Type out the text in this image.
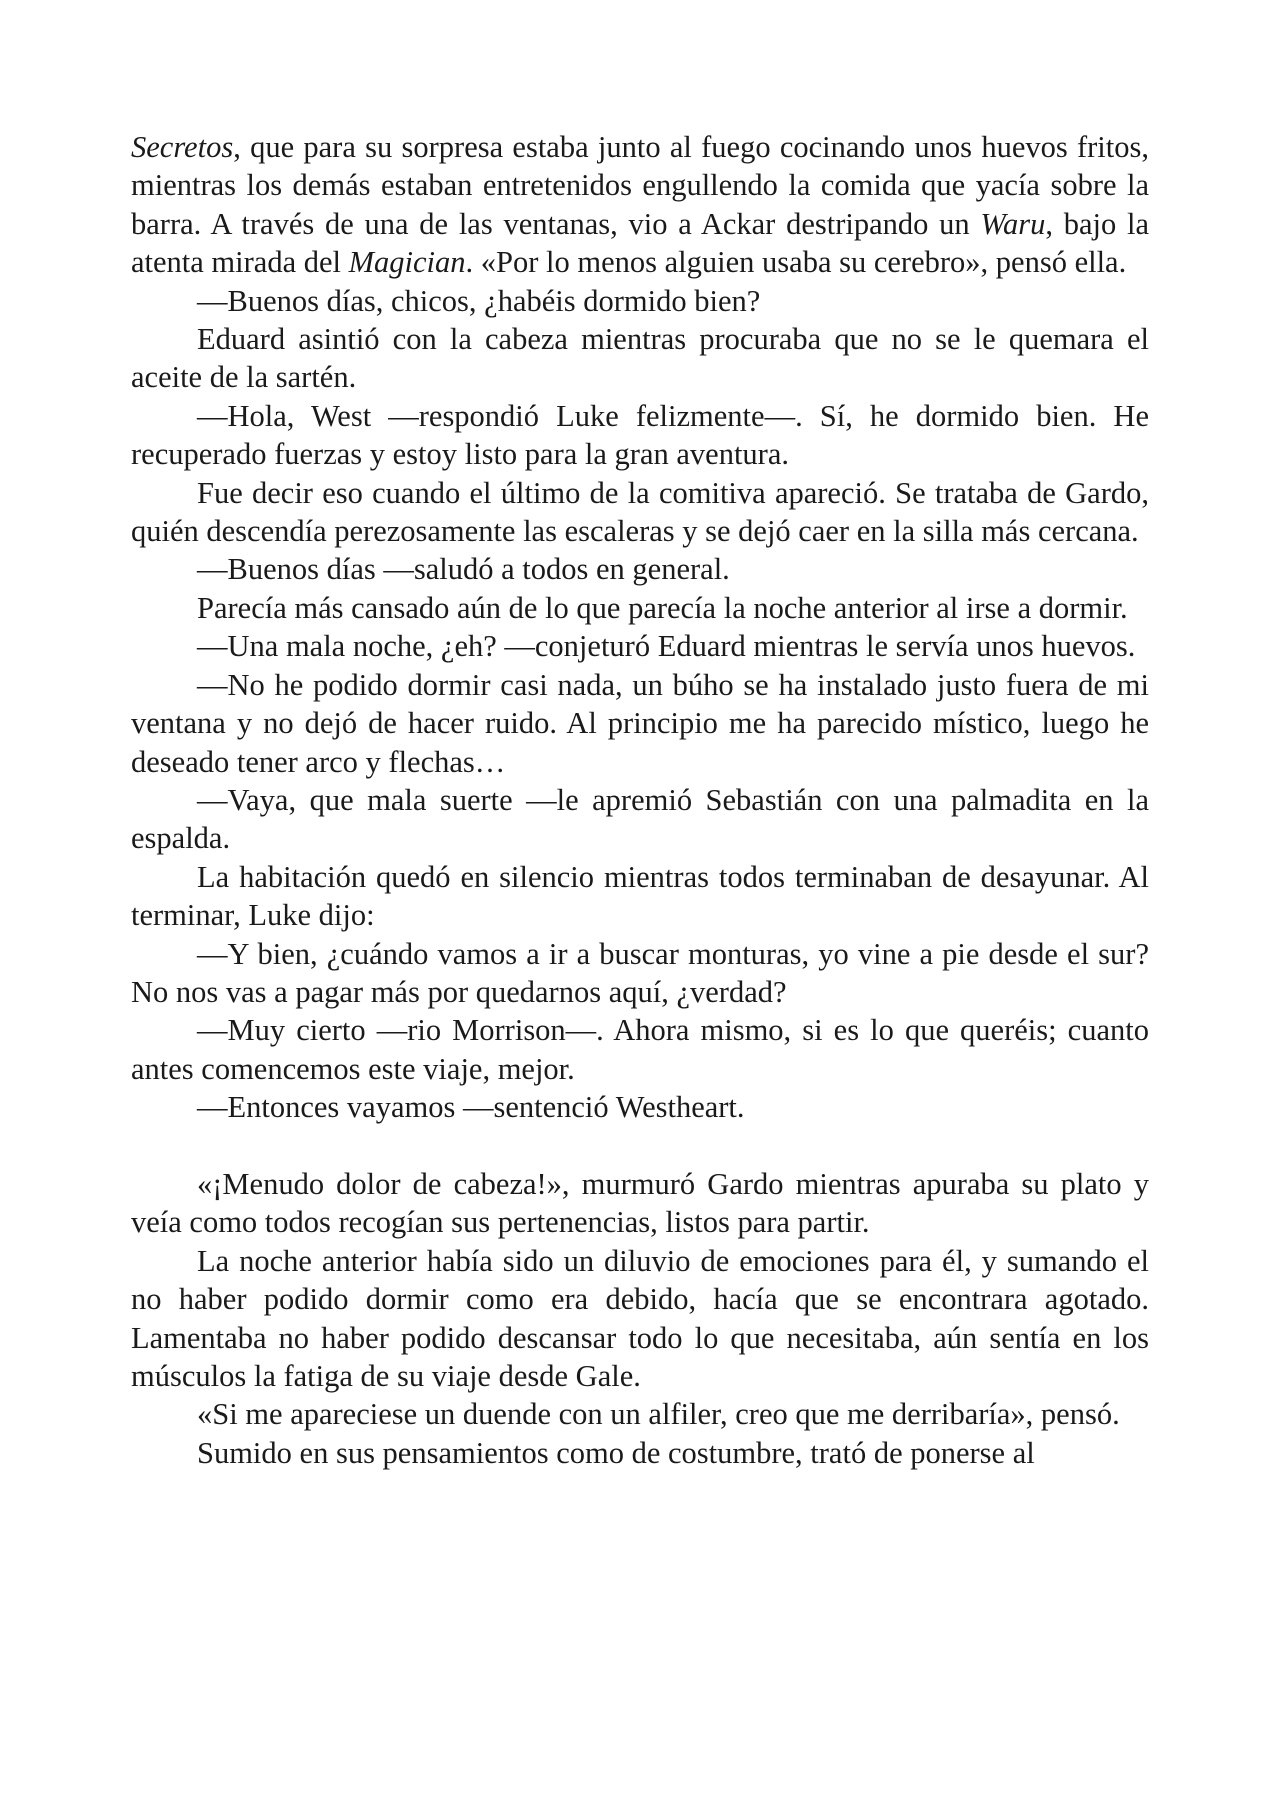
Secretos, que para su sorpresa estaba junto al fuego cocinando unos huevos fritos, mientras los demás estaban entretenidos engullendo la comida que yacía sobre la barra. A través de una de las ventanas, vio a Ackar destripando un Waru, bajo la atenta mirada del Magician. «Por lo menos alguien usaba su cerebro», pensó ella.

—Buenos días, chicos, ¿habéis dormido bien?

Eduard asintió con la cabeza mientras procuraba que no se le quemara el aceite de la sartén.

—Hola, West —respondió Luke felizmente—. Sí, he dormido bien. He recuperado fuerzas y estoy listo para la gran aventura.

Fue decir eso cuando el último de la comitiva apareció. Se trataba de Gardo, quién descendía perezosamente las escaleras y se dejó caer en la silla más cercana.

—Buenos días —saludó a todos en general.

Parecía más cansado aún de lo que parecía la noche anterior al irse a dormir.

—Una mala noche, ¿eh? —conjeturó Eduard mientras le servía unos huevos.

—No he podido dormir casi nada, un búho se ha instalado justo fuera de mi ventana y no dejó de hacer ruido. Al principio me ha parecido místico, luego he deseado tener arco y flechas…

—Vaya, que mala suerte —le apremió Sebastián con una palmadita en la espalda.

La habitación quedó en silencio mientras todos terminaban de desayunar. Al terminar, Luke dijo:

—Y bien, ¿cuándo vamos a ir a buscar monturas, yo vine a pie desde el sur? No nos vas a pagar más por quedarnos aquí, ¿verdad?

—Muy cierto —rio Morrison—. Ahora mismo, si es lo que queréis; cuanto antes comencemos este viaje, mejor.

—Entonces vayamos —sentenció Westheart.

«¡Menudo dolor de cabeza!», murmuró Gardo mientras apuraba su plato y veía como todos recogían sus pertenencias, listos para partir.

La noche anterior había sido un diluvio de emociones para él, y sumando el no haber podido dormir como era debido, hacía que se encontrara agotado. Lamentaba no haber podido descansar todo lo que necesitaba, aún sentía en los músculos la fatiga de su viaje desde Gale.

«Si me apareciese un duende con un alfiler, creo que me derribaría», pensó.

Sumido en sus pensamientos como de costumbre, trató de ponerse al
